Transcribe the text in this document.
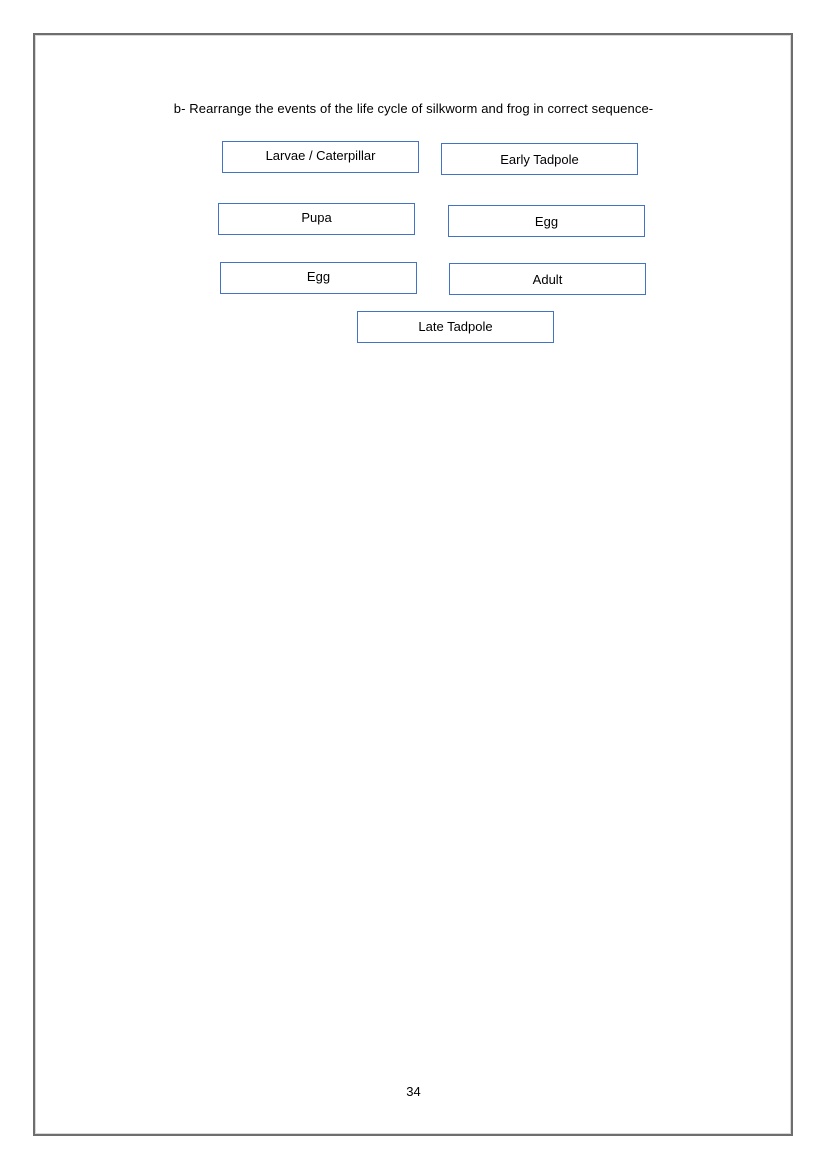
b- Rearrange the events of the life cycle of silkworm and frog in correct sequence-
Larvae / Caterpillar	Early Tadpole
Pupa	Egg
Egg	Adult
Late Tadpole
34
